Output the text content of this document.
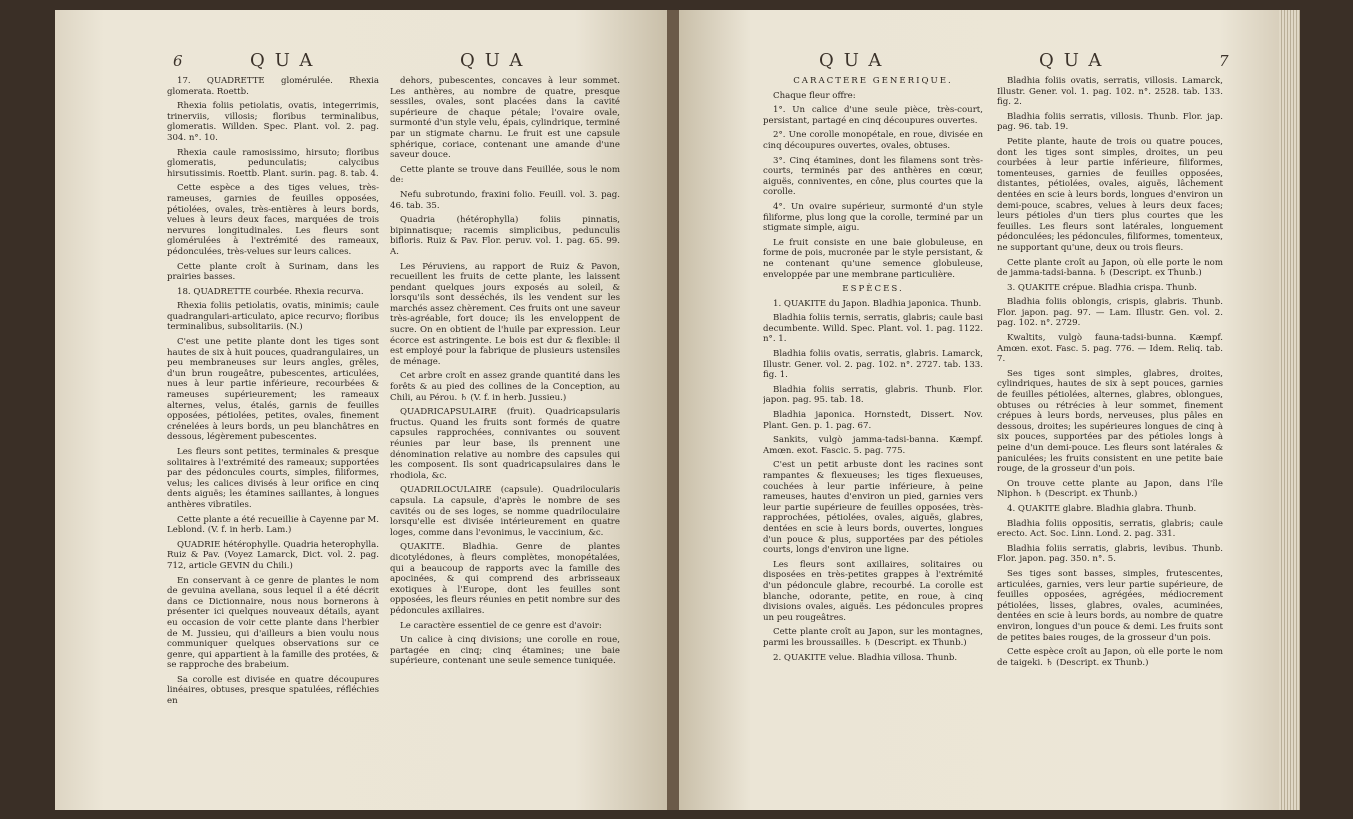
6	QUA	QUA

17. QUADRETTE glomérulée. Rhexia glomerata. Roettb.

Rhexia foliis petiolatis, ovatis, integerrimis, trinerviis, villosis; floribus terminalibus, glomeratis. Willden. Spec. Plant. vol. 2. pag. 304. n°. 10.

Rhexia caule ramosissimo, hirsuto; floribus glomeratis, pedunculatis; calycibus hirsutissimis. Roettb. Plant. surin. pag. 8. tab. 4.

Cette espèce a des tiges velues, très-rameuses, garnies de feuilles opposées, pétiolées, ovales, très-entières à leurs bords, velues à leurs deux faces, marquées de trois nervures longitudinales. Les fleurs sont glomérulées à l'extrémité des rameaux, pédonculées, très-velues sur leurs calices.

Cette plante croît à Surinam, dans les prairies basses.

18. QUADRETTE courbée. Rhexia recurva.

Rhexia foliis petiolatis, ovatis, minimis; caule quadrangulari-articulato, apice recurvo; floribus terminalibus, subsolitariis. (N.)

C'est une petite plante dont les tiges sont hautes de six à huit pouces, quadrangulaires, un peu membraneuses sur leurs angles, grêles, d'un brun rougeâtre, pubescentes, articulées, nues à leur partie inférieure, recourbées & rameuses supérieurement; les rameaux alternes, velus, étalés, garnis de feuilles opposées, pétiolées, petites, ovales, finement crénelées à leurs bords, un peu blanchâtres en dessous, légèrement pubescentes.

Les fleurs sont petites, terminales & presque solitaires à l'extrémité des rameaux; supportées par des pédoncules courts, simples, filiformes, velus; les calices divisés à leur orifice en cinq dents aiguës; les étamines saillantes, à longues anthères vibratiles.

Cette plante a été recueillie à Cayenne par M. Leblond. (V. f. in herb. Lam.)

QUADRIE hétérophylle. Quadria heterophylla. Ruiz & Pav. (Voyez Lamarck, Dict. vol. 2. pag. 712, article GEVIN du Chili.)

En conservant à ce genre de plantes le nom de gevuina avellana, sous lequel il a été décrit dans ce Dictionnaire, nous nous bornerons à présenter ici quelques nouveaux détails, ayant eu occasion de voir cette plante dans l'herbier de M. Jussieu, qui d'ailleurs a bien voulu nous communiquer quelques observations sur ce genre, qui appartient à la famille des protées, & se rapproche des brabeium.

Sa corolle est divisée en quatre découpures linéaires, obtuses, presque spatulées, réfléchies en

dehors, pubescentes, concaves à leur sommet. Les anthères, au nombre de quatre, presque sessiles, ovales, sont placées dans la cavité supérieure de chaque pétale; l'ovaire ovale, surmonté d'un style velu, épais, cylindrique, terminé par un stigmate charnu. Le fruit est une capsule sphérique, coriace, contenant une amande d'une saveur douce.

Cette plante se trouve dans Feuillée, sous le nom de:

Nefu subrotundo, fraxini folio. Feuill. vol. 3. pag. 46. tab. 35.

Quadria (hétérophylla) foliis pinnatis, bipinnatisque; racemis simplicibus, pedunculis bifloris. Ruiz & Pav. Flor. peruv. vol. 1. pag. 65. 99. A.

Les Péruviens, au rapport de Ruiz & Pavon, recueillent les fruits de cette plante, les laissent pendant quelques jours exposés au soleil, & lorsqu'ils sont desséchés, ils les vendent sur les marchés assez chèrement. Ces fruits ont une saveur très-agréable, fort douce; ils les enveloppent de sucre. On en obtient de l'huile par expression. Leur écorce est astringente. Le bois est dur & flexible: il est employé pour la fabrique de plusieurs ustensiles de ménage.

Cet arbre croît en assez grande quantité dans les forêts & au pied des collines de la Conception, au Chili, au Pérou. ♄ (V. f. in herb. Jussieu.)

QUADRICAPSULAIRE (fruit). Quadricapsularis fructus. Quand les fruits sont formés de quatre capsules rapprochées, connivantes ou souvent réunies par leur base, ils prennent une dénomination relative au nombre des capsules qui les composent. Ils sont quadricapsulaires dans le rhodiola, &c.

QUADRILOCULAIRE (capsule). Quadrilocularis capsula. La capsule, d'après le nombre de ses cavités ou de ses loges, se nomme quadriloculaire lorsqu'elle est divisée intérieurement en quatre loges, comme dans l'evonimus, le vaccinium, &c.

QUAKITE. Bladhia. Genre de plantes dicotylédones, à fleurs complètes, monopétalées, qui a beaucoup de rapports avec la famille des apocinées, & qui comprend des arbrisseaux exotiques à l'Europe, dont les feuilles sont opposées, les fleurs réunies en petit nombre sur des pédoncules axillaires.

Le caractère essentiel de ce genre est d'avoir:

Un calice à cinq divisions; une corolle en roue, partagée en cinq; cinq étamines; une baie supérieure, contenant une seule semence tuniquée.

QUA	QUA	7

CARACTÈRE GÉNÉRIQUE.

Chaque fleur offre:

1°. Un calice d'une seule pièce, très-court, persistant, partagé en cinq découpures ouvertes.

2°. Une corolle monopétale, en roue, divisée en cinq découpures ouvertes, ovales, obtuses.

3°. Cinq étamines, dont les filamens sont très-courts, terminés par des anthères en cœur, aiguës, conniventes, en cône, plus courtes que la corolle.

4°. Un ovaire supérieur, surmonté d'un style filiforme, plus long que la corolle, terminé par un stigmate simple, aigu.

Le fruit consiste en une baie globuleuse, en forme de pois, mucronée par le style persistant, & ne contenant qu'une semence globuleuse, enveloppée par une membrane particulière.

ESPÈCES.

1. QUAKITE du Japon. Bladhia japonica. Thunb.

Bladhia foliis ternis, serratis, glabris; caule basi decumbente. Willd. Spec. Plant. vol. 1. pag. 1122. n°. 1.

Bladhia foliis ovatis, serratis, glabris. Lamarck, Illustr. Gener. vol. 2. pag. 102. n°. 2727. tab. 133. fig. 1.

Bladhia foliis serratis, glabris. Thunb. Flor. japon. pag. 95. tab. 18.

Bladhia japonica. Hornstedt, Dissert. Nov. Plant. Gen. p. 1. pag. 67.

Sankits, vulgò jamma-tadsi-banna. Kæmpf. Amœn. exot. Fascic. 5. pag. 775.

C'est un petit arbuste dont les racines sont rampantes & flexueuses; les tiges flexueuses, couchées à leur partie inférieure, à peine rameuses, hautes d'environ un pied, garnies vers leur partie supérieure de feuilles opposées, très-rapprochées, pétiolées, ovales, aiguës, glabres, dentées en scie à leurs bords, ouvertes, longues d'un pouce & plus, supportées par des pétioles courts, longs d'environ une ligne.

Les fleurs sont axillaires, solitaires ou disposées en très-petites grappes à l'extrémité d'un pédoncule glabre, recourbé. La corolle est blanche, odorante, petite, en roue, à cinq divisions ovales, aiguës. Les pédoncules propres un peu rougeâtres.

Cette plante croît au Japon, sur les montagnes, parmi les broussailles. ♄ (Descript. ex Thunb.)

2. QUAKITE velue. Bladhia villosa. Thunb.

Bladhia foliis ovatis, serratis, villosis. Lamarck, Illustr. Gener. vol. 1. pag. 102. n°. 2528. tab. 133. fig. 2.

Bladhia foliis serratis, villosis. Thunb. Flor. jap. pag. 96. tab. 19.

Petite plante, haute de trois ou quatre pouces, dont les tiges sont simples, droites, un peu courbées à leur partie inférieure, filiformes, tomenteuses, garnies de feuilles opposées, distantes, pétiolées, ovales, aiguës, lâchement dentées en scie à leurs bords, longues d'environ un demi-pouce, scabres, velues à leurs deux faces; leurs pétioles d'un tiers plus courtes que les feuilles. Les fleurs sont latérales, longuement pédonculées; les pédoncules, filiformes, tomenteux, ne supportant qu'une, deux ou trois fleurs.

Cette plante croît au Japon, où elle porte le nom de jamma-tadsi-banna. ♄ (Descript. ex Thunb.)

3. QUAKITE crépue. Bladhia crispa. Thunb.

Bladhia foliis oblongis, crispis, glabris. Thunb. Flor. japon. pag. 97. — Lam. Illustr. Gen. vol. 2. pag. 102. n°. 2729.

Kwaltits, vulgò fauna-tadsi-bunna. Kæmpf. Amœn. exot. Fasc. 5. pag. 776. — Idem. Reliq. tab. 7.

Ses tiges sont simples, glabres, droites, cylindriques, hautes de six à sept pouces, garnies de feuilles pétiolées, alternes, glabres, oblongues, obtuses ou rétrécies à leur sommet, finement crépues à leurs bords, nerveuses, plus pâles en dessous, droites; les supérieures longues de cinq à six pouces, supportées par des pétioles longs à peine d'un demi-pouce. Les fleurs sont latérales & paniculées; les fruits consistent en une petite baie rouge, de la grosseur d'un pois.

On trouve cette plante au Japon, dans l'île Niphon. ♄ (Descript. ex Thunb.)

4. QUAKITE glabre. Bladhia glabra. Thunb.

Bladhia foliis oppositis, serratis, glabris; caule erecto. Act. Soc. Linn. Lond. 2. pag. 331.

Bladhia foliis serratis, glabris, levibus. Thunb. Flor. japon. pag. 350. n°. 5.

Ses tiges sont basses, simples, frutescentes, articulées, garnies, vers leur partie supérieure, de feuilles opposées, agrégées, médiocrement pétiolées, lisses, glabres, ovales, acuminées, dentées en scie à leurs bords, au nombre de quatre environ, longues d'un pouce & demi. Les fruits sont de petites baies rouges, de la grosseur d'un pois.

Cette espèce croît au Japon, où elle porte le nom de taigeki. ♄ (Descript. ex Thunb.)
